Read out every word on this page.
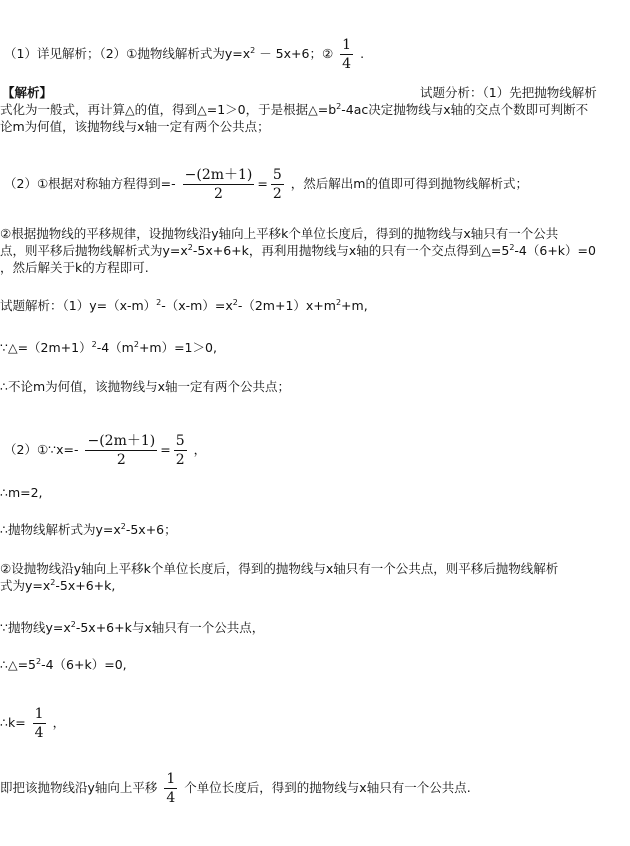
（1）详见解析；（2）①抛物线解析式为$y=x^2 - 5x+6$；② $\frac{1}{4}$ .
【解析】	试题分析：（1）先把抛物线解析
式化为一般式，再计算△的值，得到△=1＞0，于是根据$\triangle=b^2-4ac$决定抛物线与x轴的交点个数即可判断不
论m为何值，该抛物线与x轴一定有两个公共点；
（2）①根据对称轴方程得到=- $\frac{-(2m+1)}{2} = \frac{5}{2}$ ，然后解出m的值即可得到抛物线解析式；
②根据抛物线的平移规律，设抛物线沿y轴向上平移k个单位长度后，得到的抛物线与x轴只有一个公共
点，则平移后抛物线解析式为$y=x^2-5x+6+k$，再利用抛物线与x轴的只有一个交点得到$\triangle=5^2-4(6+k)=0$
，然后解关于k的方程即可.
试题解析：$(1)y=(x-m)^2-(x-m)=x^2-(2m+1)x+m^2+m$,
$\because\triangle=(2m+1)^2-4(m^2+m)=1>0$,
∴不论m为何值，该抛物线与x轴一定有两个公共点；
（2）①∵x=- $\frac{-(2m+1)}{2} = \frac{5}{2}$ ，
∴m=2,
∴抛物线解析式为$y=x^2-5x+6$；
②设抛物线沿y轴向上平移k个单位长度后，得到的抛物线与x轴只有一个公共点，则平移后抛物线解析
式为$y=x^2-5x+6+k$,
∵抛物线$y=x^2-5x+6+k$与x轴只有一个公共点，
$\therefore\triangle=5^2-4(6+k)=0$,
∴k= $\frac{1}{4}$ ，
即把该抛物线沿y轴向上平移 $\frac{1}{4}$ 个单位长度后，得到的抛物线与x轴只有一个公共点.
